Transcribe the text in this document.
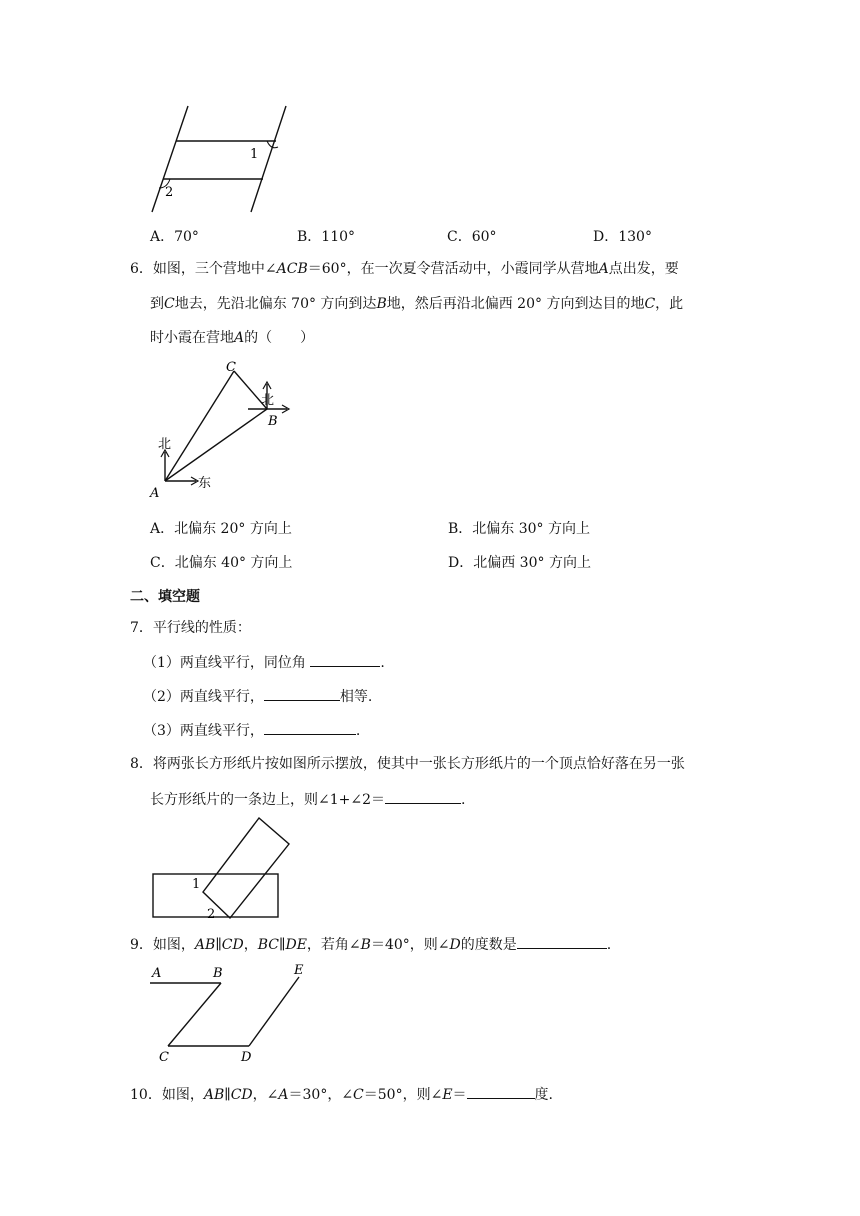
1
2
A．70°	B．110°	C．60°	D．130°
6．如图，三个营地中∠ACB＝60°，在一次夏令营活动中，小霞同学从营地A点出发，要
到C地去，先沿北偏东 70° 方向到达B地，然后再沿北偏西 20° 方向到达目的地C，此
时小霞在营地A的（　　）
C
B
A
北
北
东
A．北偏东 20° 方向上	B．北偏东 30° 方向上
C．北偏东 40° 方向上	D．北偏西 30° 方向上
二、填空题
7．平行线的性质：
（1）两直线平行，同位角	.
（2）两直线平行，	相等.
（3）两直线平行，	.
8．将两张长方形纸片按如图所示摆放，使其中一张长方形纸片的一个顶点恰好落在另一张
长方形纸片的一条边上，则∠1+∠2＝	.
1
2
9．如图，AB∥CD，BC∥DE，若角∠B＝40°，则∠D的度数是	.
A	B	E
C	D
10．如图，AB∥CD，∠A＝30°，∠C＝50°，则∠E＝	度.
